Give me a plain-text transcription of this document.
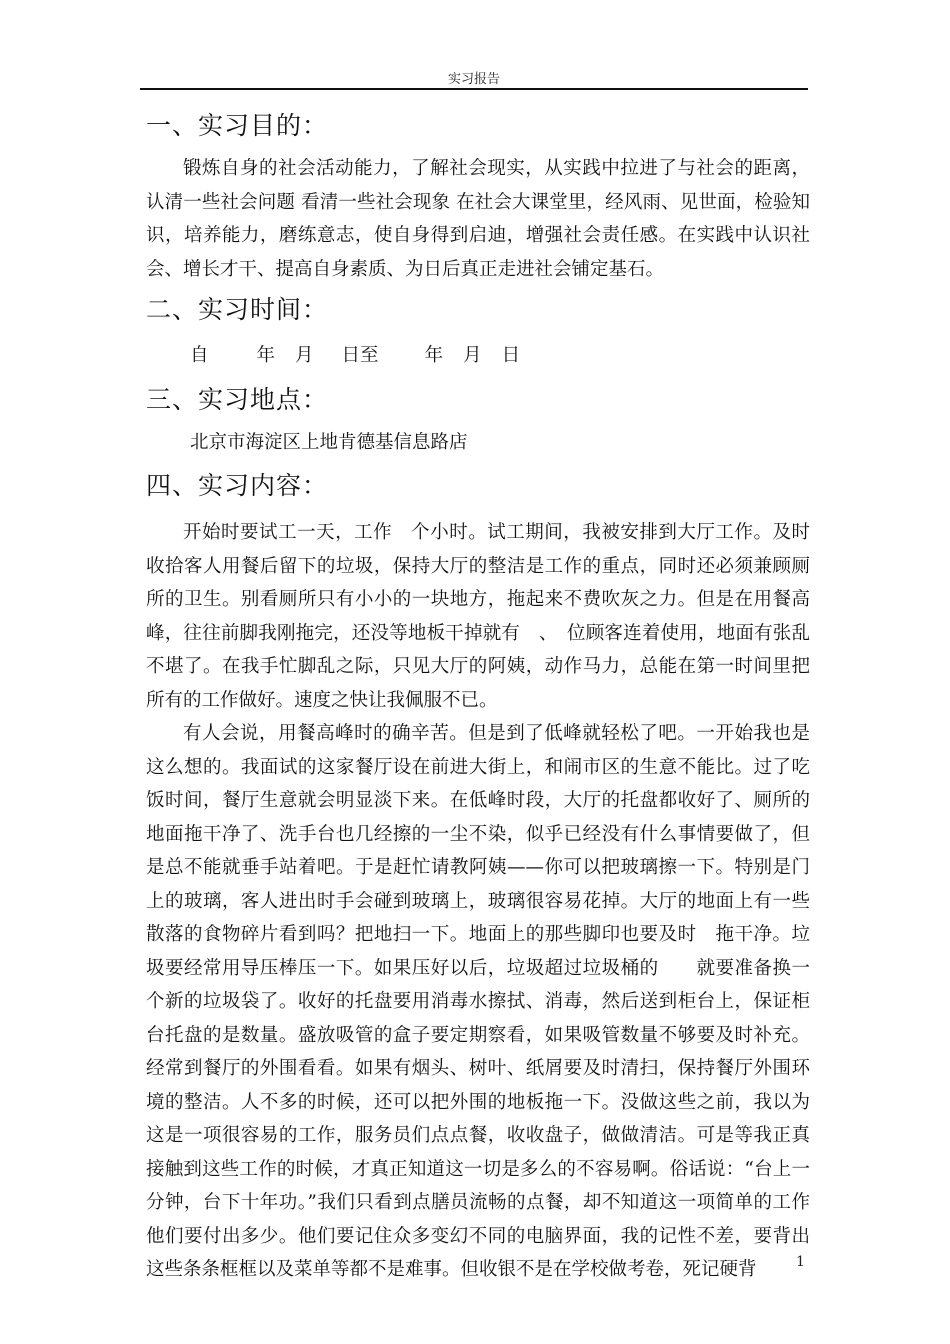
实习报告
一、实习目的：

锻炼自身的社会活动能力，了解社会现实，从实践中拉进了与社会的距离，认清一些社会问题 看清一些社会现象 在社会大课堂里，经风雨、见世面，检验知识，培养能力，磨练意志，使自身得到启迪，增强社会责任感。在实践中认识社会、增长才干、提高自身素质、为日后真正走进社会铺定基石。

二、实习时间：
自	年 月 日至 年 月 日
三、实习地点：

北京市海淀区上地肯德基信息路店

四、实习内容：

开始时要试工一天，工作　个小时。试工期间，我被安排到大厅工作。及时收拾客人用餐后留下的垃圾，保持大厅的整洁是工作的重点，同时还必须兼顾厕所的卫生。别看厕所只有小小的一块地方，拖起来不费吹灰之力。但是在用餐高峰，往往前脚我刚拖完，还没等地板干掉就有　、　位顾客连着使用，地面有张乱不堪了。在我手忙脚乱之际，只见大厅的阿姨，动作马力，总能在第一时间里把所有的工作做好。速度之快让我佩服不已。

有人会说，用餐高峰时的确辛苦。但是到了低峰就轻松了吧。一开始我也是这么想的。我面试的这家餐厅设在前进大街上，和闹市区的生意不能比。过了吃饭时间，餐厅生意就会明显淡下来。在低峰时段，大厅的托盘都收好了、厕所的地面拖干净了、洗手台也几经擦的一尘不染，似乎已经没有什么事情要做了，但是总不能就垂手站着吧。于是赶忙请教阿姨——你可以把玻璃擦一下。特别是门上的玻璃，客人进出时手会碰到玻璃上，玻璃很容易花掉。大厅的地面上有一些散落的食物碎片看到吗？把地扫一下。地面上的那些脚印也要及时　拖干净。垃圾要经常用导压棒压一下。如果压好以后，垃圾超过垃圾桶的　　就要准备换一个新的垃圾袋了。收好的托盘要用消毒水擦拭、消毒，然后送到柜台上，保证柜台托盘的是数量。盛放吸管的盒子要定期察看，如果吸管数量不够要及时补充。经常到餐厅的外围看看。如果有烟头、树叶、纸屑要及时清扫，保持餐厅外围环境的整洁。人不多的时候，还可以把外围的地板拖一下。没做这些之前，我以为这是一项很容易的工作，服务员们点点餐，收收盘子，做做清洁。可是等我正真接触到这些工作的时候，才真正知道这一切是多么的不容易啊。俗话说：“台上一分钟，台下十年功。”我们只看到点膳员流畅的点餐，却不知道这一项简单的工作他们要付出多少。他们要记住众多变幻不同的电脑界面，我的记性不差，要背出这些条条框框以及菜单等都不是难事。但收银不是在学校做考卷，死记硬背	1
